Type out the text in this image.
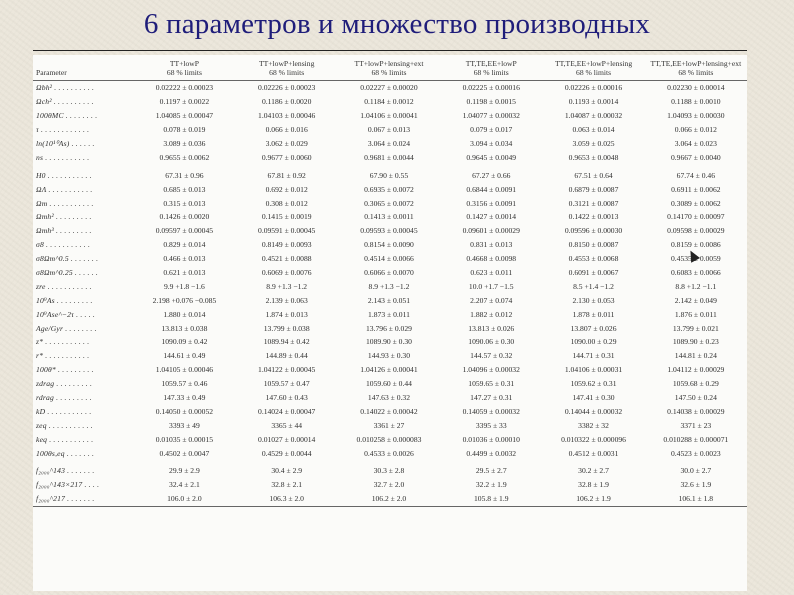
6 параметров и множество производных
	TT+lowP	TT+lowP+lensing	TT+lowP+lensing+ext	TT,TE,EE+lowP	TT,TE,EE+lowP+lensing	TT,TE,EE+lowP+lensing+ext
Parameter	68 % limits	68 % limits	68 % limits	68 % limits	68 % limits	68 % limits
Ωbh² . . . . . . . . . .	0.02222 ± 0.00023	0.02226 ± 0.00023	0.02227 ± 0.00020	0.02225 ± 0.00016	0.02226 ± 0.00016	0.02230 ± 0.00014
Ωch² . . . . . . . . . .	0.1197 ± 0.0022	0.1186 ± 0.0020	0.1184 ± 0.0012	0.1198 ± 0.0015	0.1193 ± 0.0014	0.1188 ± 0.0010
100θMC . . . . . . . .	1.04085 ± 0.00047	1.04103 ± 0.00046	1.04106 ± 0.00041	1.04077 ± 0.00032	1.04087 ± 0.00032	1.04093 ± 0.00030
τ . . . . . . . . . . . .	0.078 ± 0.019	0.066 ± 0.016	0.067 ± 0.013	0.079 ± 0.017	0.063 ± 0.014	0.066 ± 0.012
ln(10¹⁰As) . . . . . .	3.089 ± 0.036	3.062 ± 0.029	3.064 ± 0.024	3.094 ± 0.034	3.059 ± 0.025	3.064 ± 0.023
ns . . . . . . . . . . .	0.9655 ± 0.0062	0.9677 ± 0.0060	0.9681 ± 0.0044	0.9645 ± 0.0049	0.9653 ± 0.0048	0.9667 ± 0.0040
H0 . . . . . . . . . . .	67.31 ± 0.96	67.81 ± 0.92	67.90 ± 0.55	67.27 ± 0.66	67.51 ± 0.64	67.74 ± 0.46
ΩΛ . . . . . . . . . . .	0.685 ± 0.013	0.692 ± 0.012	0.6935 ± 0.0072	0.6844 ± 0.0091	0.6879 ± 0.0087	0.6911 ± 0.0062
Ωm . . . . . . . . . . .	0.315 ± 0.013	0.308 ± 0.012	0.3065 ± 0.0072	0.3156 ± 0.0091	0.3121 ± 0.0087	0.3089 ± 0.0062
Ωmh² . . . . . . . . .	0.1426 ± 0.0020	0.1415 ± 0.0019	0.1413 ± 0.0011	0.1427 ± 0.0014	0.1422 ± 0.0013	0.14170 ± 0.00097
Ωmh³ . . . . . . . . .	0.09597 ± 0.00045	0.09591 ± 0.00045	0.09593 ± 0.00045	0.09601 ± 0.00029	0.09596 ± 0.00030	0.09598 ± 0.00029
σ8 . . . . . . . . . . .	0.829 ± 0.014	0.8149 ± 0.0093	0.8154 ± 0.0090	0.831 ± 0.013	0.8150 ± 0.0087	0.8159 ± 0.0086
σ8Ωm^0.5 . . . . . . .	0.466 ± 0.013	0.4521 ± 0.0088	0.4514 ± 0.0066	0.4668 ± 0.0098	0.4553 ± 0.0068	0.4535 ± 0.0059
σ8Ωm^0.25 . . . . . .	0.621 ± 0.013	0.6069 ± 0.0076	0.6066 ± 0.0070	0.623 ± 0.011	0.6091 ± 0.0067	0.6083 ± 0.0066
zre . . . . . . . . . . .	9.9 +1.8 −1.6	8.9 +1.3 −1.2	8.9 +1.3 −1.2	10.0 +1.7 −1.5	8.5 +1.4 −1.2	8.8 +1.2 −1.1
10⁹As . . . . . . . . .	2.198 +0.076 −0.085	2.139 ± 0.063	2.143 ± 0.051	2.207 ± 0.074	2.130 ± 0.053	2.142 ± 0.049
10⁹Ase^−2τ . . . . .	1.880 ± 0.014	1.874 ± 0.013	1.873 ± 0.011	1.882 ± 0.012	1.878 ± 0.011	1.876 ± 0.011
Age/Gyr . . . . . . . .	13.813 ± 0.038	13.799 ± 0.038	13.796 ± 0.029	13.813 ± 0.026	13.807 ± 0.026	13.799 ± 0.021
z* . . . . . . . . . . .	1090.09 ± 0.42	1089.94 ± 0.42	1089.90 ± 0.30	1090.06 ± 0.30	1090.00 ± 0.29	1089.90 ± 0.23
r* . . . . . . . . . . .	144.61 ± 0.49	144.89 ± 0.44	144.93 ± 0.30	144.57 ± 0.32	144.71 ± 0.31	144.81 ± 0.24
100θ* . . . . . . . . .	1.04105 ± 0.00046	1.04122 ± 0.00045	1.04126 ± 0.00041	1.04096 ± 0.00032	1.04106 ± 0.00031	1.04112 ± 0.00029
zdrag . . . . . . . . .	1059.57 ± 0.46	1059.57 ± 0.47	1059.60 ± 0.44	1059.65 ± 0.31	1059.62 ± 0.31	1059.68 ± 0.29
rdrag . . . . . . . . .	147.33 ± 0.49	147.60 ± 0.43	147.63 ± 0.32	147.27 ± 0.31	147.41 ± 0.30	147.50 ± 0.24
kD . . . . . . . . . . .	0.14050 ± 0.00052	0.14024 ± 0.00047	0.14022 ± 0.00042	0.14059 ± 0.00032	0.14044 ± 0.00032	0.14038 ± 0.00029
zeq . . . . . . . . . . .	3393 ± 49	3365 ± 44	3361 ± 27	3395 ± 33	3382 ± 32	3371 ± 23
keq . . . . . . . . . . .	0.01035 ± 0.00015	0.01027 ± 0.00014	0.010258 ± 0.000083	0.01036 ± 0.00010	0.010322 ± 0.000096	0.010288 ± 0.000071
100θs,eq . . . . . . .	0.4502 ± 0.0047	0.4529 ± 0.0044	0.4533 ± 0.0026	0.4499 ± 0.0032	0.4512 ± 0.0031	0.4523 ± 0.0023
f₂₀₀₀^143 . . . . . . .	29.9 ± 2.9	30.4 ± 2.9	30.3 ± 2.8	29.5 ± 2.7	30.2 ± 2.7	30.0 ± 2.7
f₂₀₀₀^143×217 . . . .	32.4 ± 2.1	32.8 ± 2.1	32.7 ± 2.0	32.2 ± 1.9	32.8 ± 1.9	32.6 ± 1.9
f₂₀₀₀^217 . . . . . . .	106.0 ± 2.0	106.3 ± 2.0	106.2 ± 2.0	105.8 ± 1.9	106.2 ± 1.9	106.1 ± 1.8
